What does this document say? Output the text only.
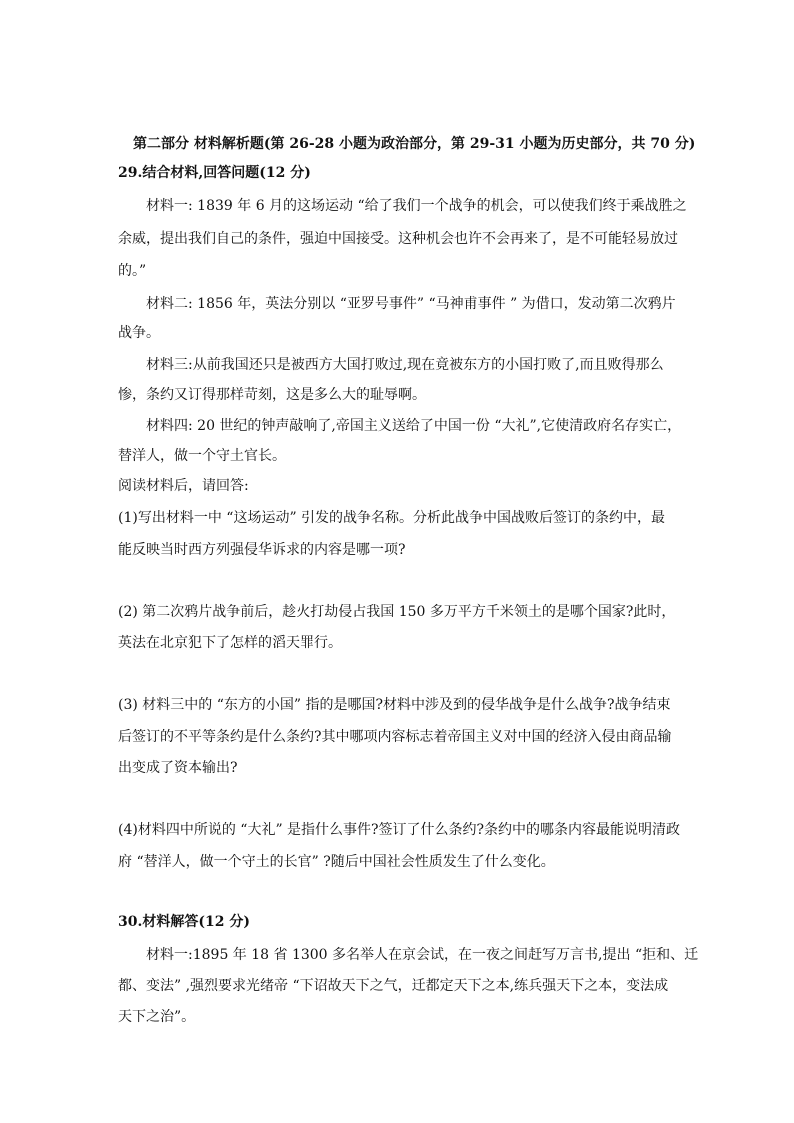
第二部分 材料解析题(第 26-28 小题为政治部分，第 29-31 小题为历史部分，共 70 分)
29.结合材料,回答问题(12 分)
材料一: 1839 年 6 月的这场运动 “给了我们一个战争的机会，可以使我们终于乘战胜之
余威，提出我们自己的条件，强迫中国接受。这种机会也许不会再来了，是不可能轻易放过
的。”
材料二: 1856 年，英法分别以 “亚罗号事件” “马神甫事件 ” 为借口，发动第二次鸦片
战争。
材料三:从前我国还只是被西方大国打败过,现在竟被东方的小国打败了,而且败得那么
惨，条约又订得那样苛刻，这是多么大的耻辱啊。
材料四: 20 世纪的钟声敲响了,帝国主义送给了中国一份 “大礼”,它使清政府名存实亡，
替洋人，做一个守土官长。
阅读材料后，请回答:
(1)写出材料一中 “这场运动” 引发的战争名称。分析此战争中国战败后签订的条约中，最
能反映当时西方列强侵华诉求的内容是哪一项?
(2) 第二次鸦片战争前后，趁火打劫侵占我国 150 多万平方千米领土的是哪个国家?此时，
英法在北京犯下了怎样的滔天罪行。
(3) 材料三中的 “东方的小国” 指的是哪国?材料中涉及到的侵华战争是什么战争?战争结束
后签订的不平等条约是什么条约?其中哪项内容标志着帝国主义对中国的经济入侵由商品输
出变成了资本输出?
(4)材料四中所说的 “大礼” 是指什么事件?签订了什么条约?条约中的哪条内容最能说明清政
府 “替洋人，做一个守土的长官” ?随后中国社会性质发生了什么变化。
30.材料解答(12 分)
材料一:1895 年 18 省 1300 多名举人在京会试，在一夜之间赶写万言书,提出 “拒和、迁
都、变法” ,强烈要求光绪帝 “下诏故天下之气，迁都定天下之本,练兵强天下之本，变法成
天下之治”。
